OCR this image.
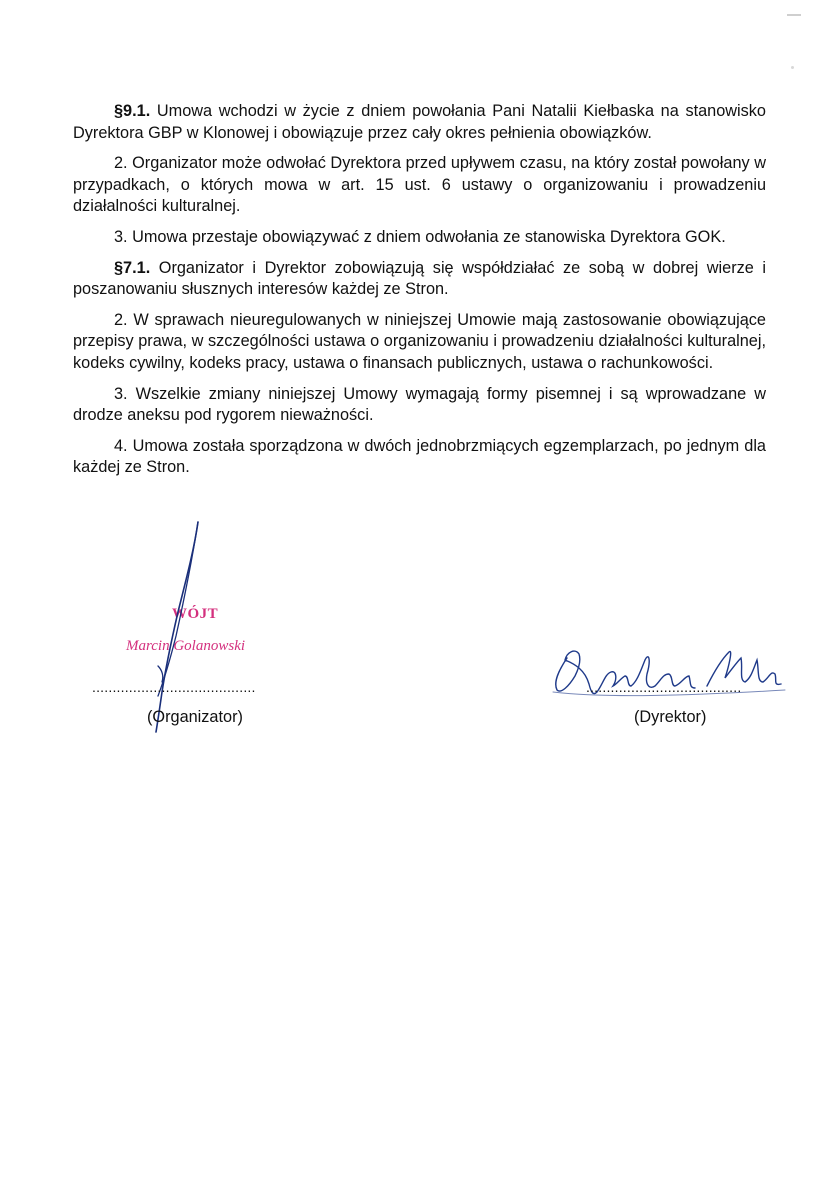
§9.1. Umowa wchodzi w życie z dniem powołania Pani Natalii Kiełbaska na stanowisko Dyrektora GBP w Klonowej i obowiązuje przez cały okres pełnienia obowiązków.

2. Organizator może odwołać Dyrektora przed upływem czasu, na który został powołany w przypadkach, o których mowa w art. 15 ust. 6 ustawy o organizowaniu i prowadzeniu działalności kulturalnej.

3. Umowa przestaje obowiązywać z dniem odwołania ze stanowiska Dyrektora GOK.

§7.1. Organizator i Dyrektor zobowiązują się współdziałać ze sobą w dobrej wierze i poszanowaniu słusznych interesów każdej ze Stron.

2. W sprawach nieuregulowanych w niniejszej Umowie mają zastosowanie obowiązujące przepisy prawa, w szczególności ustawa o organizowaniu i prowadzeniu działalności kulturalnej, kodeks cywilny, kodeks pracy, ustawa o finansach publicznych, ustawa o rachunkowości.

3. Wszelkie zmiany niniejszej Umowy wymagają formy pisemnej i są wprowadzane w drodze aneksu pod rygorem nieważności.

4. Umowa została sporządzona w dwóch jednobrzmiących egzemplarzach, po jednym dla każdej ze Stron.

WÓJT
Marcin Golanowski
........................................	......................................
(Organizator)	(Dyrektor)
